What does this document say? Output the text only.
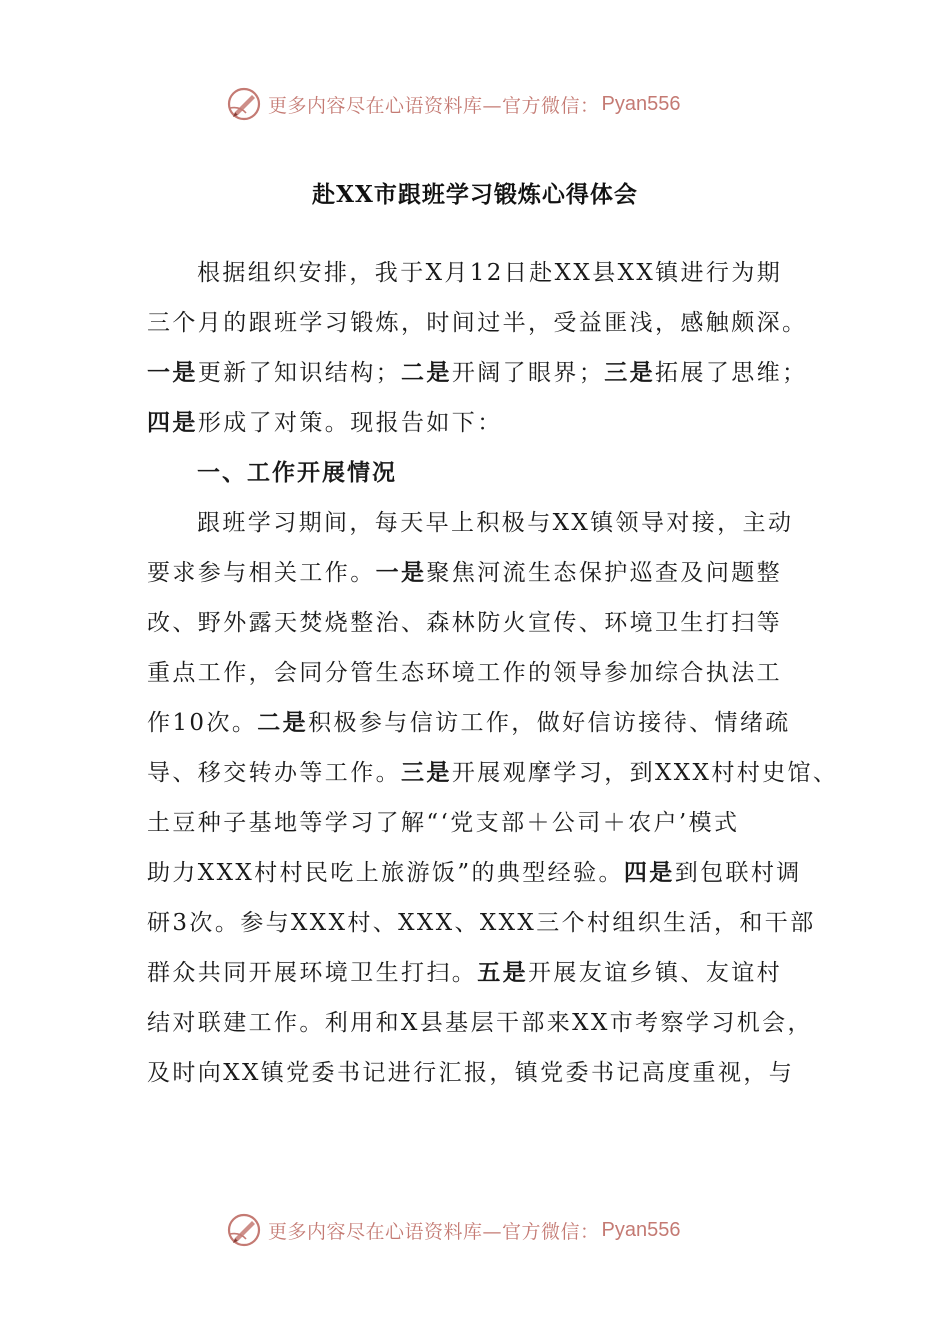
更多内容尽在心语资料库—官方微信： Pyan556
赴XX市跟班学习锻炼心得体会
根据组织安排，我于X月12日赴XX县XX镇进行为期
三个月的跟班学习锻炼，时间过半，受益匪浅，感触颇深。
一是更新了知识结构；二是开阔了眼界；三是拓展了思维；
四是形成了对策。现报告如下：
一、工作开展情况
跟班学习期间，每天早上积极与XX镇领导对接，主动
要求参与相关工作。一是聚焦河流生态保护巡查及问题整
改、野外露天焚烧整治、森林防火宣传、环境卫生打扫等
重点工作，会同分管生态环境工作的领导参加综合执法工
作10次。二是积极参与信访工作，做好信访接待、情绪疏
导、移交转办等工作。三是开展观摩学习，到XXX村村史馆、
土豆种子基地等学习了解“‘党支部＋公司＋农户’模式
助力XXX村村民吃上旅游饭”的典型经验。四是到包联村调
研3次。参与XXX村、XXX、XXX三个村组织生活，和干部
群众共同开展环境卫生打扫。五是开展友谊乡镇、友谊村
结对联建工作。利用和X县基层干部来XX市考察学习机会，
及时向XX镇党委书记进行汇报，镇党委书记高度重视，与
更多内容尽在心语资料库—官方微信： Pyan556
